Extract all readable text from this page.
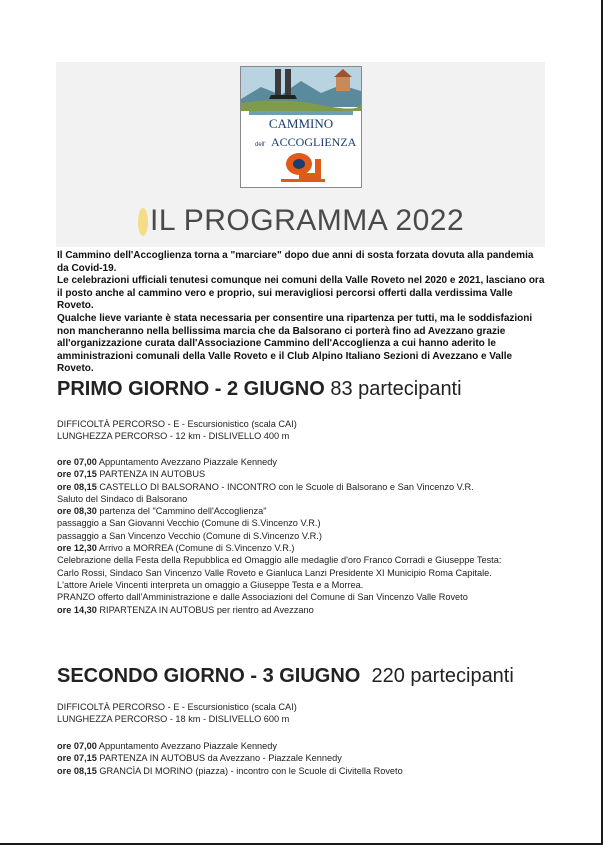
CAMMINO
dell' ACCOGLIENZA
IL PROGRAMMA 2022

Il Cammino dell'Accoglienza torna a "marciare" dopo due anni di sosta forzata dovuta alla pandemia da Covid-19.

Le celebrazioni ufficiali tenutesi comunque nei comuni della Valle Roveto nel 2020 e 2021, lasciano ora il posto anche al cammino vero e proprio, sui meravigliosi percorsi offerti dalla verdissima Valle Roveto.

Qualche lieve variante è stata necessaria per consentire una ripartenza per tutti, ma le soddisfazioni non mancheranno nella bellissima marcia che da Balsorano ci porterà fino ad Avezzano grazie all'organizzazione curata dall'Associazione Cammino dell'Accoglienza a cui hanno aderito le amministrazioni comunali della Valle Roveto e il Club Alpino Italiano Sezioni di Avezzano e Valle Roveto.

PRIMO GIORNO - 2 GIUGNO 83 partecipanti
DIFFICOLTÀ PERCORSO - E - Escursionistico (scala CAI)
LUNGHEZZA PERCORSO - 12 km - DISLIVELLO 400 m
ore 07,00 Appuntamento Avezzano Piazzale Kennedy
ore 07,15 PARTENZA IN AUTOBUS
ore 08,15 CASTELLO DI BALSORANO - INCONTRO con le Scuole di Balsorano e San Vincenzo V.R.
Saluto del Sindaco di Balsorano
ore 08,30 partenza del "Cammino dell'Accoglienza"
passaggio a San Giovanni Vecchio (Comune di S.Vincenzo V.R.)
passaggio a San Vincenzo Vecchio (Comune di S.Vincenzo V.R.)
ore 12,30 Arrivo a MORREA (Comune di S.Vincenzo V.R.)
Celebrazione della Festa della Repubblica ed Omaggio alle medaglie d'oro Franco Corradi e Giuseppe Testa:
Carlo Rossi, Sindaco San Vincenzo Valle Roveto e Gianluca Lanzi Presidente XI Municipio Roma Capitale.
L'attore Ariele Vincenti interpreta un omaggio a Giuseppe Testa e a Morrea.
PRANZO offerto dall'Amministrazione e dalle Associazioni del Comune di San Vincenzo Valle Roveto
ore 14,30 RIPARTENZA IN AUTOBUS per rientro ad Avezzano
SECONDO GIORNO - 3 GIUGNO 220 partecipanti
DIFFICOLTÀ PERCORSO - E - Escursionistico (scala CAI)
LUNGHEZZA PERCORSO - 18 km - DISLIVELLO 600 m
ore 07,00 Appuntamento Avezzano Piazzale Kennedy
ore 07,15 PARTENZA IN AUTOBUS da Avezzano - Piazzale Kennedy
ore 08,15 GRANCÌA DI MORINO (piazza) - incontro con le Scuole di Civitella Roveto
